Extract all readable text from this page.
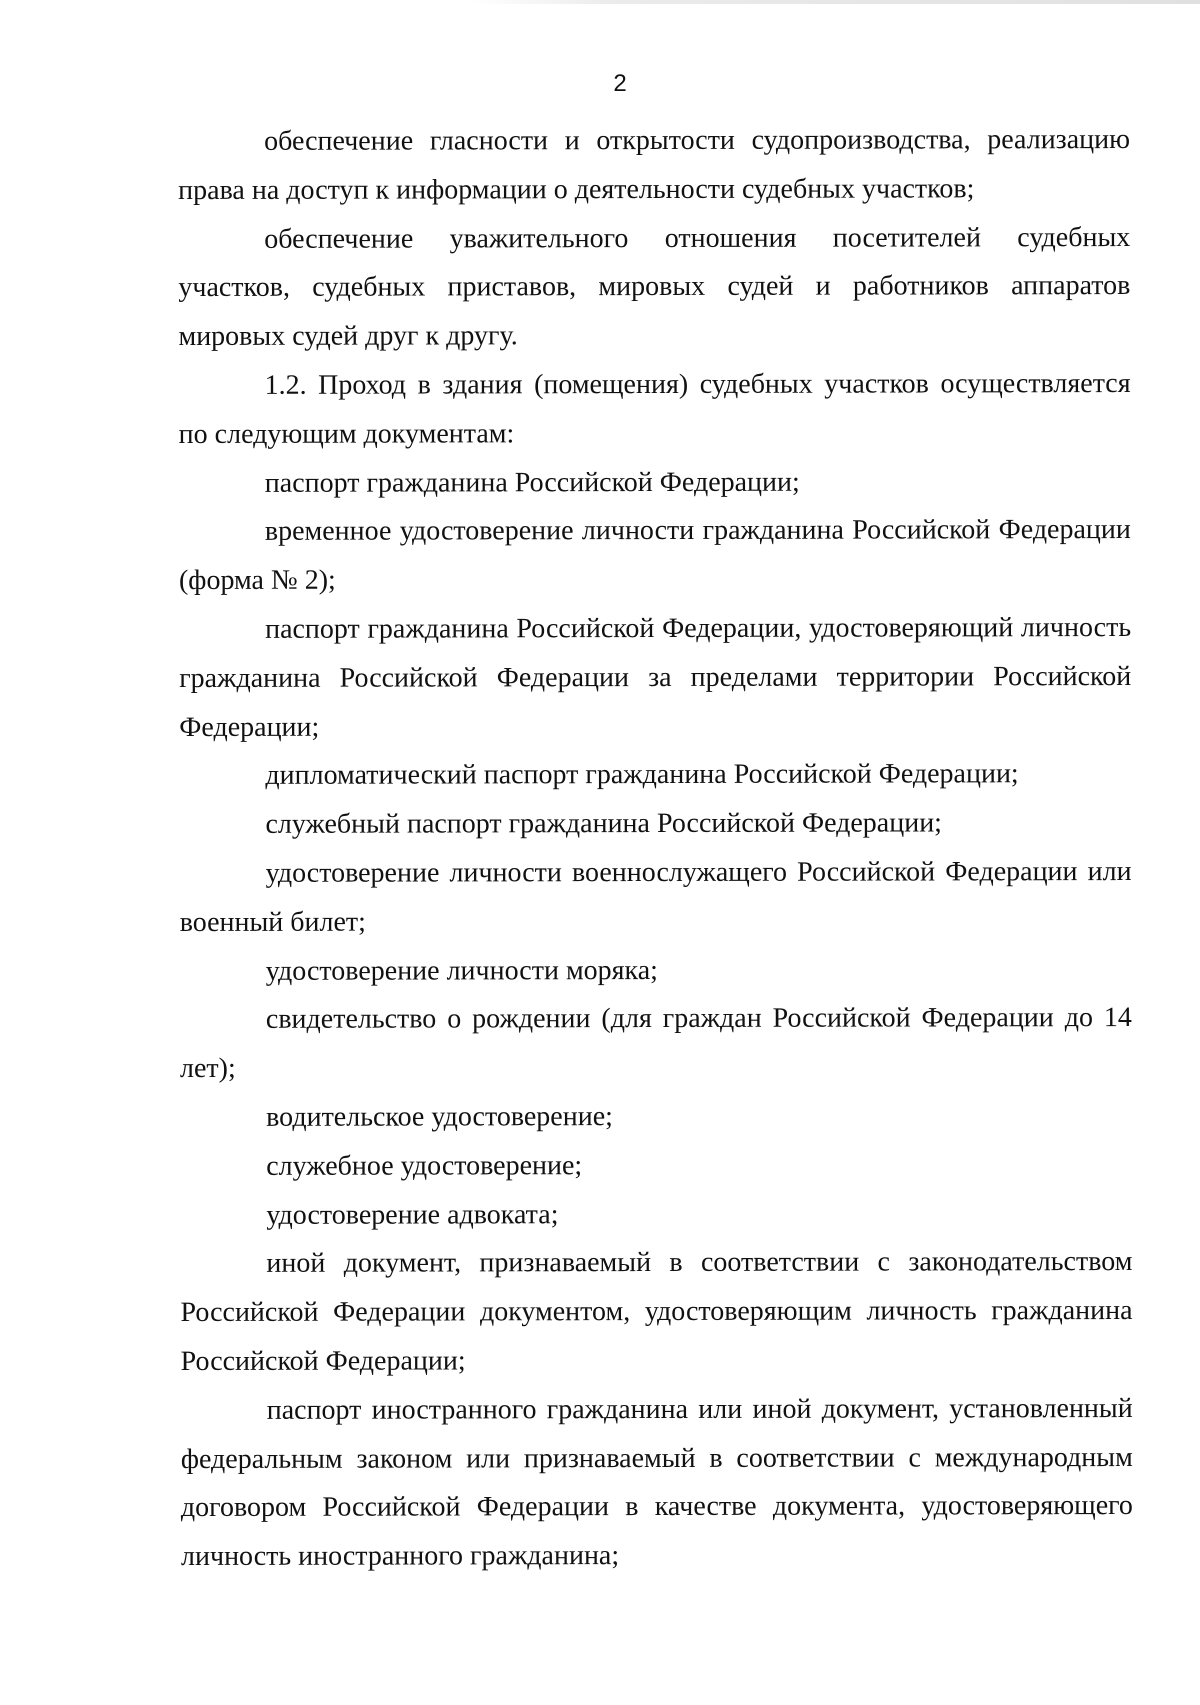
2

обеспечение гласности и открытости судопроизводства, реализацию права на доступ к информации о деятельности судебных участков;

обеспечение уважительного отношения посетителей судебных участков, судебных приставов, мировых судей и работников аппаратов мировых судей друг к другу.

1.2. Проход в здания (помещения) судебных участков осуществляется по следующим документам:

паспорт гражданина Российской Федерации;

временное удостоверение личности гражданина Российской Федерации (форма № 2);

паспорт гражданина Российской Федерации, удостоверяющий личность гражданина Российской Федерации за пределами территории Российской Федерации;

дипломатический паспорт гражданина Российской Федерации;

служебный паспорт гражданина Российской Федерации;

удостоверение личности военнослужащего Российской Федерации или военный билет;

удостоверение личности моряка;

свидетельство о рождении (для граждан Российской Федерации до 14 лет);

водительское удостоверение;

служебное удостоверение;

удостоверение адвоката;

иной документ, признаваемый в соответствии с законодательством Российской Федерации документом, удостоверяющим личность гражданина Российской Федерации;

паспорт иностранного гражданина или иной документ, установленный федеральным законом или признаваемый в соответствии с международным договором Российской Федерации в качестве документа, удостоверяющего личность иностранного гражданина;
